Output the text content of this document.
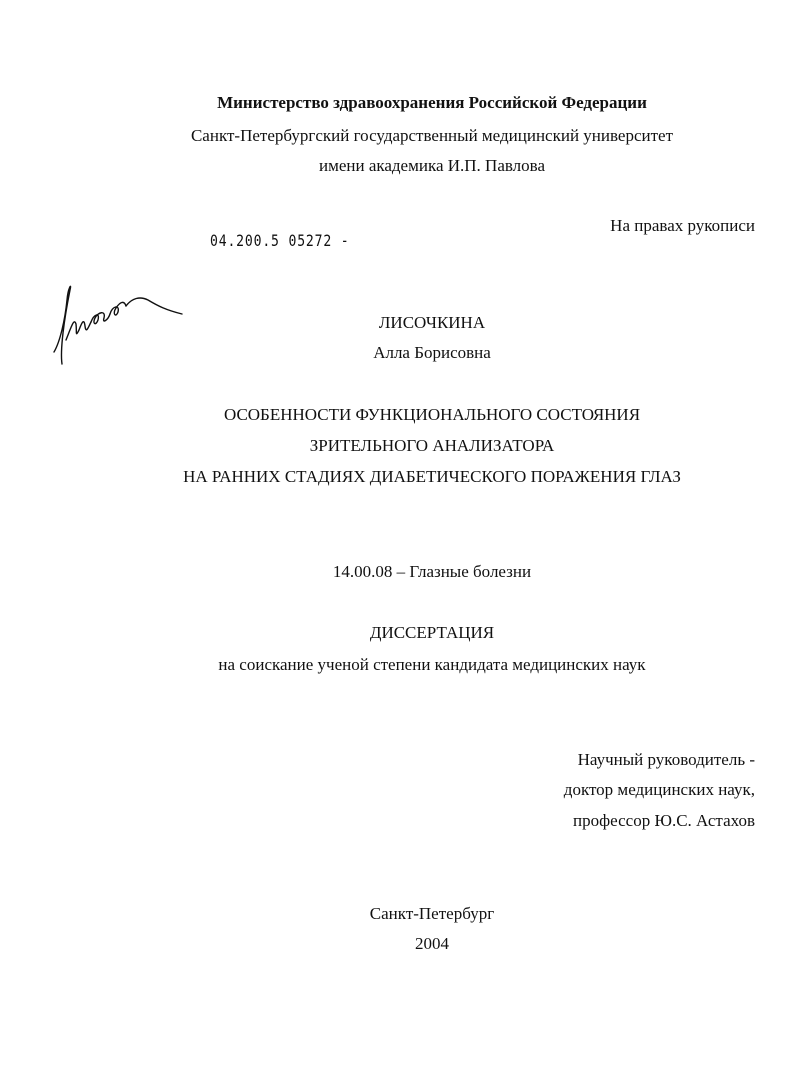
Министерство здравоохранения Российской Федерации
Санкт-Петербургский государственный медицинский университет
имени академика И.П. Павлова
04.200.5 05272 -
На правах рукописи
ЛИСОЧКИНА
Алла Борисовна
ОСОБЕННОСТИ ФУНКЦИОНАЛЬНОГО СОСТОЯНИЯ
ЗРИТЕЛЬНОГО АНАЛИЗАТОРА
НА РАННИХ СТАДИЯХ ДИАБЕТИЧЕСКОГО ПОРАЖЕНИЯ ГЛАЗ
14.00.08 – Глазные болезни
ДИССЕРТАЦИЯ
на соискание ученой степени кандидата медицинских наук
Научный руководитель -
доктор медицинских наук,
профессор Ю.С. Астахов
Санкт-Петербург
2004
